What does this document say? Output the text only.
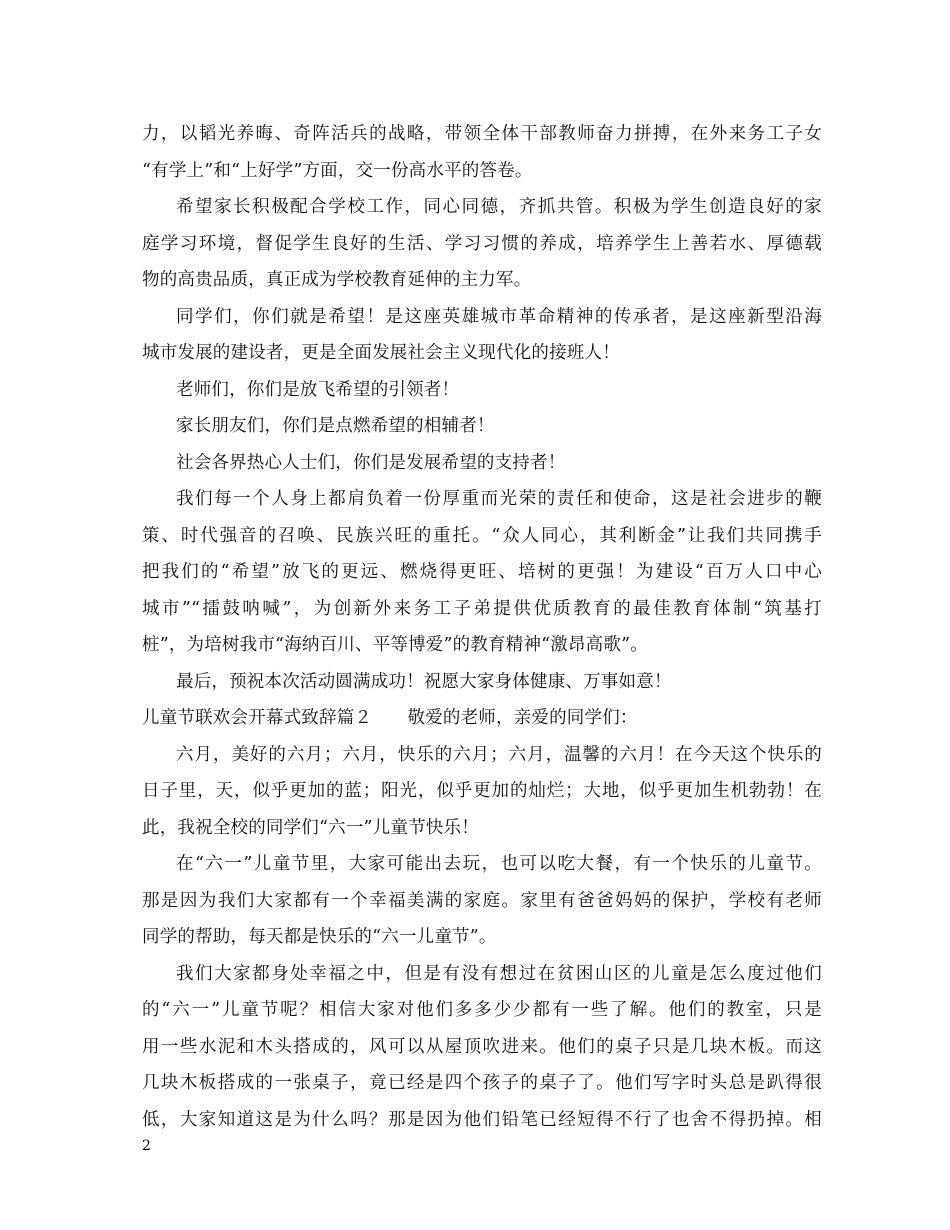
力，以韬光养晦、奇阵活兵的战略，带领全体干部教师奋力拼搏，在外来务工子女
“有学上”和“上好学”方面，交一份高水平的答卷。
希望家长积极配合学校工作，同心同德，齐抓共管。积极为学生创造良好的家
庭学习环境，督促学生良好的生活、学习习惯的养成，培养学生上善若水、厚德载
物的高贵品质，真正成为学校教育延伸的主力军。
同学们，你们就是希望！是这座英雄城市革命精神的传承者，是这座新型沿海
城市发展的建设者，更是全面发展社会主义现代化的接班人！
老师们，你们是放飞希望的引领者！
家长朋友们，你们是点燃希望的相辅者！
社会各界热心人士们，你们是发展希望的支持者！
我们每一个人身上都肩负着一份厚重而光荣的责任和使命，这是社会进步的鞭
策、时代强音的召唤、民族兴旺的重托。“众人同心，其利断金”让我们共同携手
把我们的“希望”放飞的更远、燃烧得更旺、培树的更强！为建设“百万人口中心
城市”“擂鼓呐喊”，为创新外来务工子弟提供优质教育的最佳教育体制“筑基打
桩”，为培树我市“海纳百川、平等博爱”的教育精神“激昂高歌”。
最后，预祝本次活动圆满成功！祝愿大家身体健康、万事如意！
儿童节联欢会开幕式致辞篇２　　敬爱的老师，亲爱的同学们：
六月，美好的六月；六月，快乐的六月；六月，温馨的六月！在今天这个快乐的
日子里，天，似乎更加的蓝；阳光，似乎更加的灿烂；大地，似乎更加生机勃勃！在
此，我祝全校的同学们“六一”儿童节快乐！
在“六一”儿童节里，大家可能出去玩，也可以吃大餐，有一个快乐的儿童节。
那是因为我们大家都有一个幸福美满的家庭。家里有爸爸妈妈的保护，学校有老师
同学的帮助，每天都是快乐的“六一儿童节”。
我们大家都身处幸福之中，但是有没有想过在贫困山区的儿童是怎么度过他们
的“六一”儿童节呢？相信大家对他们多多少少都有一些了解。他们的教室，只是
用一些水泥和木头搭成的，风可以从屋顶吹进来。他们的桌子只是几块木板。而这
几块木板搭成的一张桌子，竟已经是四个孩子的桌子了。他们写字时头总是趴得很
低，大家知道这是为什么吗？那是因为他们铅笔已经短得不行了也舍不得扔掉。相
2
